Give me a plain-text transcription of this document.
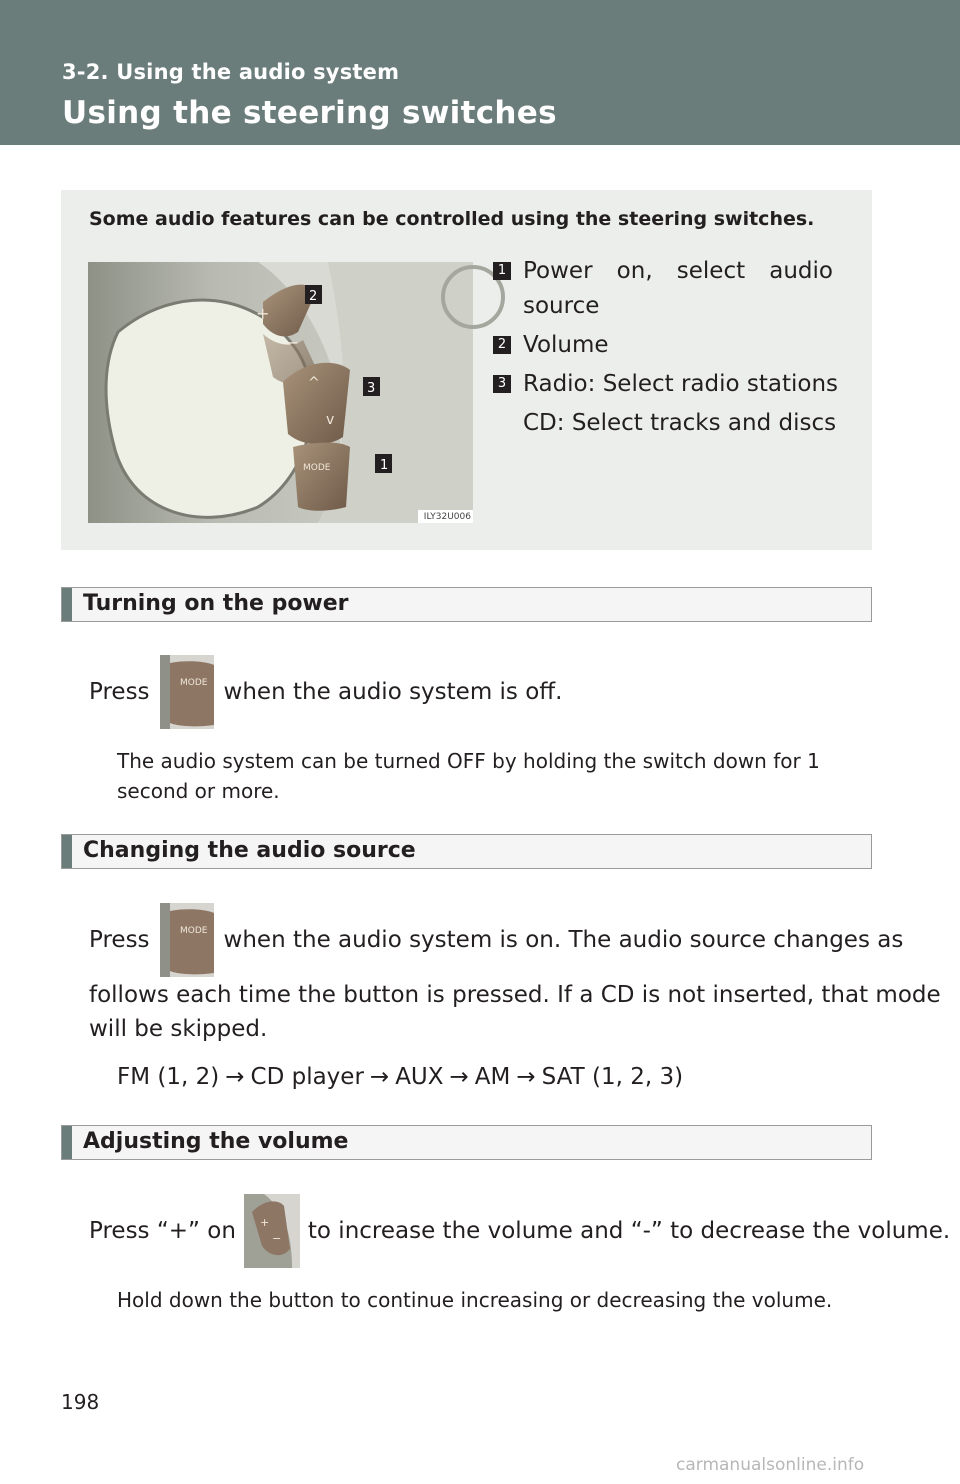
3-2. Using the audio system
Using the steering switches
Some audio features can be controlled using the steering switches.
+
−
^
v
MODE
2
3
1
ILY32U006
1 Power on, select audio source
2 Volume
3 Radio: Select radio stations
CD: Select tracks and discs
Turning on the power
Press	MODE when the audio system is off.
The audio system can be turned OFF by holding the switch down for 1 second or more.
Changing the audio source
Press	MODE when the audio system is on. The audio source changes as
follows each time the button is pressed. If a CD is not inserted, that mode
will be skipped.
FM (1, 2) → CD player → AUX → AM → SAT (1, 2, 3)
Adjusting the volume
Press “+” on +
− to increase the volume and “-” to decrease the volume.
Hold down the button to continue increasing or decreasing the volume.
198
carmanualsonline.info
